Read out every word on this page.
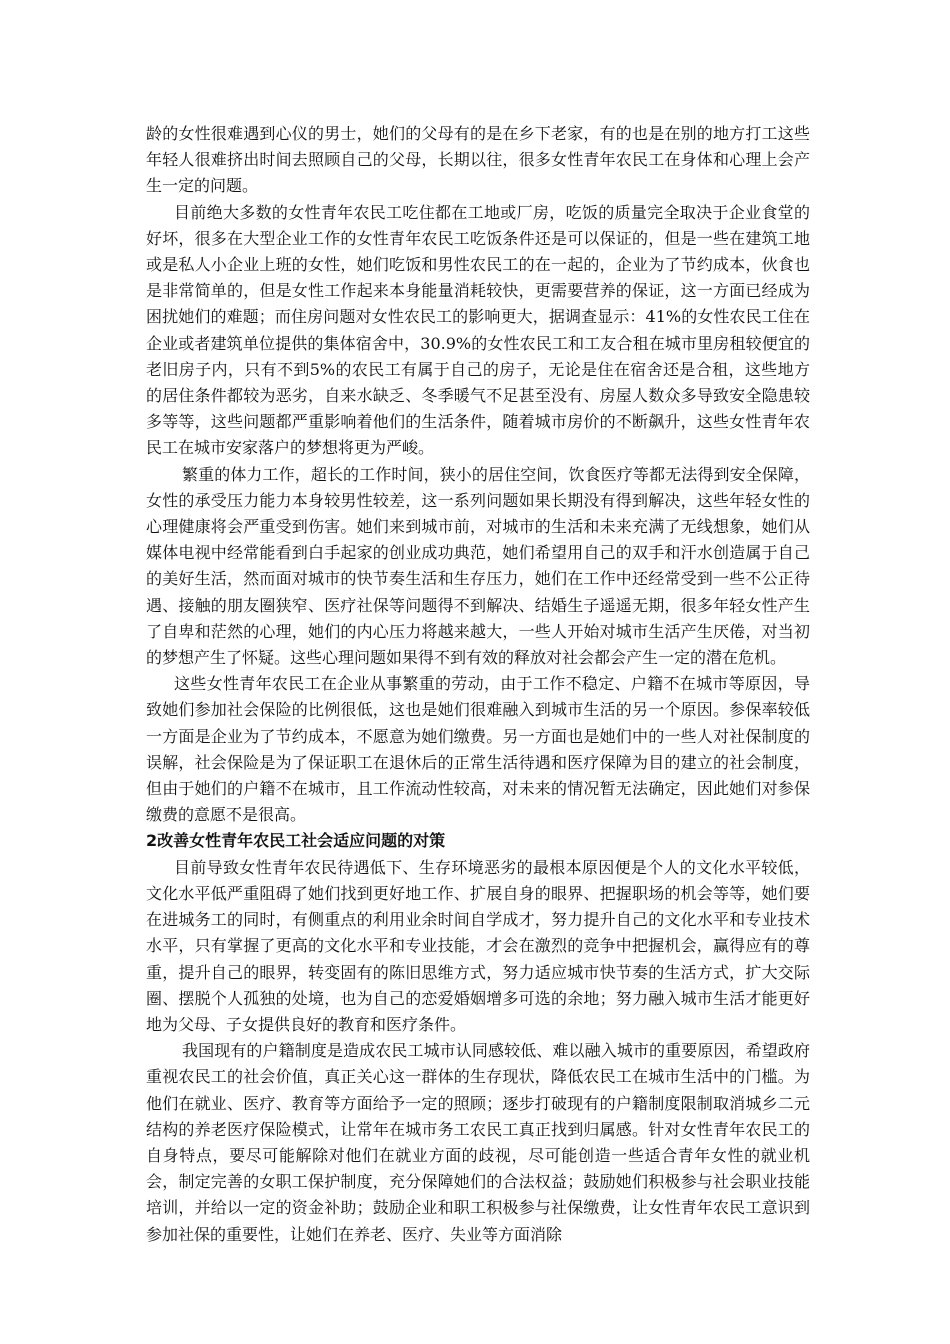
龄的女性很难遇到心仪的男士，她们的父母有的是在乡下老家，有的也是在别的地方打工这些年轻人很难挤出时间去照顾自己的父母，长期以往，很多女性青年农民工在身体和心理上会产生一定的问题。

目前绝大多数的女性青年农民工吃住都在工地或厂房，吃饭的质量完全取决于企业食堂的好坏，很多在大型企业工作的女性青年农民工吃饭条件还是可以保证的，但是一些在建筑工地或是私人小企业上班的女性，她们吃饭和男性农民工的在一起的，企业为了节约成本，伙食也是非常简单的，但是女性工作起来本身能量消耗较快，更需要营养的保证，这一方面已经成为困扰她们的难题；而住房问题对女性农民工的影响更大，据调查显示：41%的女性农民工住在企业或者建筑单位提供的集体宿舍中，30.9%的女性农民工和工友合租在城市里房租较便宜的老旧房子内，只有不到5%的农民工有属于自己的房子，无论是住在宿舍还是合租，这些地方的居住条件都较为恶劣，自来水缺乏、冬季暖气不足甚至没有、房屋人数众多导致安全隐患较多等等，这些问题都严重影响着他们的生活条件，随着城市房价的不断飙升，这些女性青年农民工在城市安家落户的梦想将更为严峻。

繁重的体力工作，超长的工作时间，狭小的居住空间，饮食医疗等都无法得到安全保障，女性的承受压力能力本身较男性较差，这一系列问题如果长期没有得到解决，这些年轻女性的心理健康将会严重受到伤害。她们来到城市前，对城市的生活和未来充满了无线想象，她们从媒体电视中经常能看到白手起家的创业成功典范，她们希望用自己的双手和汗水创造属于自己的美好生活，然而面对城市的快节奏生活和生存压力，她们在工作中还经常受到一些不公正待遇、接触的朋友圈狭窄、医疗社保等问题得不到解决、结婚生子遥遥无期，很多年轻女性产生了自卑和茫然的心理，她们的内心压力将越来越大，一些人开始对城市生活产生厌倦，对当初的梦想产生了怀疑。这些心理问题如果得不到有效的释放对社会都会产生一定的潜在危机。

这些女性青年农民工在企业从事繁重的劳动，由于工作不稳定、户籍不在城市等原因，导致她们参加社会保险的比例很低，这也是她们很难融入到城市生活的另一个原因。参保率较低一方面是企业为了节约成本，不愿意为她们缴费。另一方面也是她们中的一些人对社保制度的误解，社会保险是为了保证职工在退休后的正常生活待遇和医疗保障为目的建立的社会制度，但由于她们的户籍不在城市，且工作流动性较高，对未来的情况暂无法确定，因此她们对参保缴费的意愿不是很高。

2改善女性青年农民工社会适应问题的对策

目前导致女性青年农民待遇低下、生存环境恶劣的最根本原因便是个人的文化水平较低，文化水平低严重阻碍了她们找到更好地工作、扩展自身的眼界、把握职场的机会等等，她们要在进城务工的同时，有侧重点的利用业余时间自学成才，努力提升自己的文化水平和专业技术水平，只有掌握了更高的文化水平和专业技能，才会在激烈的竞争中把握机会，赢得应有的尊重，提升自己的眼界，转变固有的陈旧思维方式，努力适应城市快节奏的生活方式，扩大交际圈、摆脱个人孤独的处境，也为自己的恋爱婚姻增多可选的余地；努力融入城市生活才能更好地为父母、子女提供良好的教育和医疗条件。

我国现有的户籍制度是造成农民工城市认同感较低、难以融入城市的重要原因，希望政府重视农民工的社会价值，真正关心这一群体的生存现状，降低农民工在城市生活中的门槛。为他们在就业、医疗、教育等方面给予一定的照顾；逐步打破现有的户籍制度限制取消城乡二元结构的养老医疗保险模式，让常年在城市务工农民工真正找到归属感。针对女性青年农民工的自身特点，要尽可能解除对他们在就业方面的歧视，尽可能创造一些适合青年女性的就业机会，制定完善的女职工保护制度，充分保障她们的合法权益；鼓励她们积极参与社会职业技能培训，并给以一定的资金补助；鼓励企业和职工积极参与社保缴费，让女性青年农民工意识到参加社保的重要性，让她们在养老、医疗、失业等方面消除
